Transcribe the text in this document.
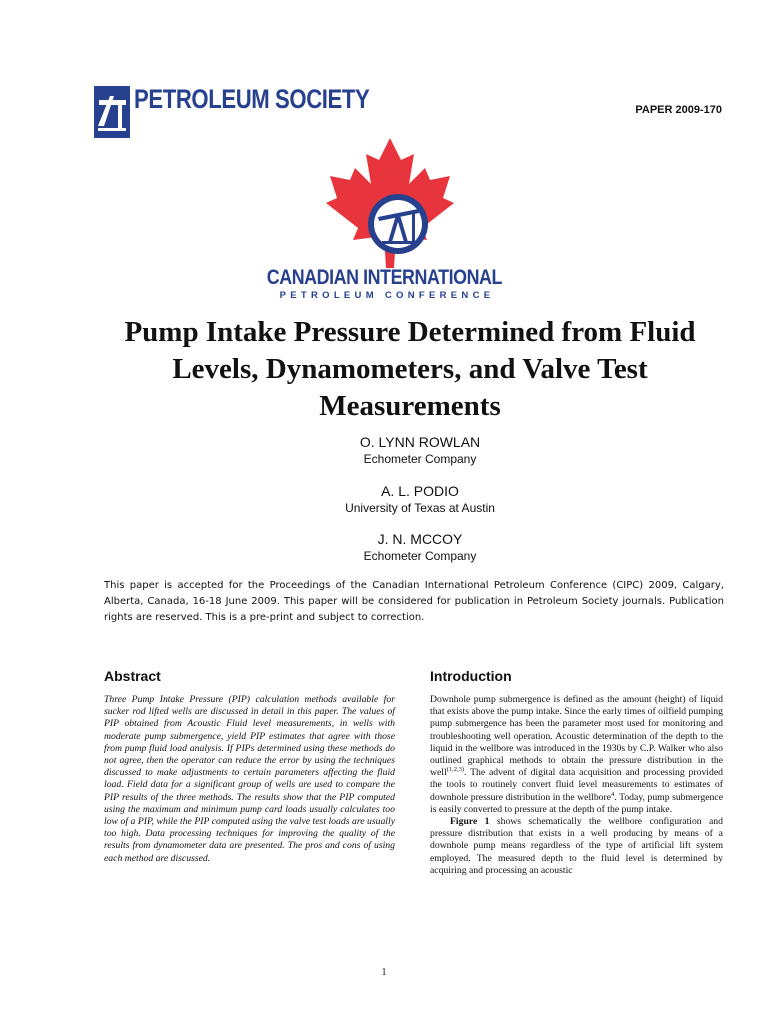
PETROLEUM SOCIETY	PAPER 2009-170
CANADIAN INTERNATIONAL
PETROLEUM CONFERENCE
Pump Intake Pressure Determined from Fluid Levels, Dynamometers, and Valve Test Measurements
O. LYNN ROWLAN
Echometer Company
A. L. PODIO
University of Texas at Austin
J. N. MCCOY
Echometer Company
This paper is accepted for the Proceedings of the Canadian International Petroleum Conference (CIPC) 2009, Calgary, Alberta, Canada, 16-18 June 2009. This paper will be considered for publication in Petroleum Society journals. Publication rights are reserved. This is a pre-print and subject to correction.
Abstract
Three Pump Intake Pressure (PIP) calculation methods available for sucker rod lifted wells are discussed in detail in this paper. The values of PIP obtained from Acoustic Fluid level measurements, in wells with moderate pump submergence, yield PIP estimates that agree with those from pump fluid load analysis. If PIPs determined using these methods do not agree, then the operator can reduce the error by using the techniques discussed to make adjustments to certain parameters affecting the fluid load. Field data for a significant group of wells are used to compare the PIP results of the three methods. The results show that the PIP computed using the maximum and minimum pump card loads usually calculates too low of a PIP, while the PIP computed using the valve test loads are usually too high. Data processing techniques for improving the quality of the results from dynamometer data are presented. The pros and cons of using each method are discussed.
Introduction

Downhole pump submergence is defined as the amount (height) of liquid that exists above the pump intake. Since the early times of oilfield pumping pump submergence has been the parameter most used for monitoring and troubleshooting well operation. Acoustic determination of the depth to the liquid in the wellbore was introduced in the 1930s by C.P. Walker who also outlined graphical methods to obtain the pressure distribution in the well$^{(1,2,3)}$. The advent of digital data acquisition and processing provided the tools to routinely convert fluid level measurements to estimates of downhole pressure distribution in the wellbore$^4$. Today, pump submergence is easily converted to pressure at the depth of the pump intake.

Figure 1 shows schematically the wellbore configuration and pressure distribution that exists in a well producing by means of a downhole pump means regardless of the type of artificial lift system employed. The measured depth to the fluid level is determined by acquiring and processing an acoustic

1
